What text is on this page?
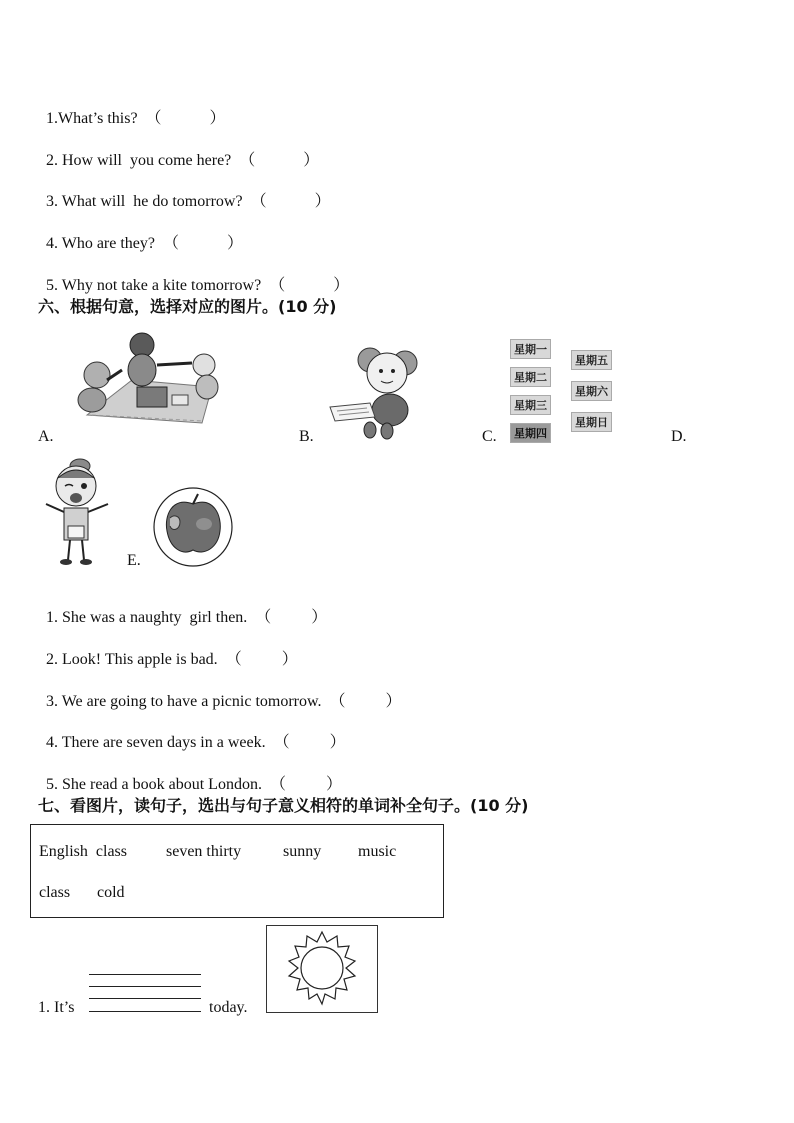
1.What’s this? （            ）

2. How will  you come here? （            ）

3. What will  he do tomorrow? （            ）

4. Who are they? （            ）

5. Why not take a kite tomorrow? （            ）

六、根据句意，选择对应的图片。(10 分)
A.	B.
星期一
星期二
星期三
星期四
星期五
星期六
星期日
C.	D.
E.

1. She was a naughty  girl then. （          ）

2. Look! This apple is bad. （          ）

3. We are going to have a picnic tomorrow. （          ）

4. There are seven days in a week. （          ）

5. She read a book about London. （          ）

七、看图片，读句子，选出与句子意义相符的单词补全句子。(10 分)
English  class seven thirty	sunny music
class cold
1. It’s	today.
